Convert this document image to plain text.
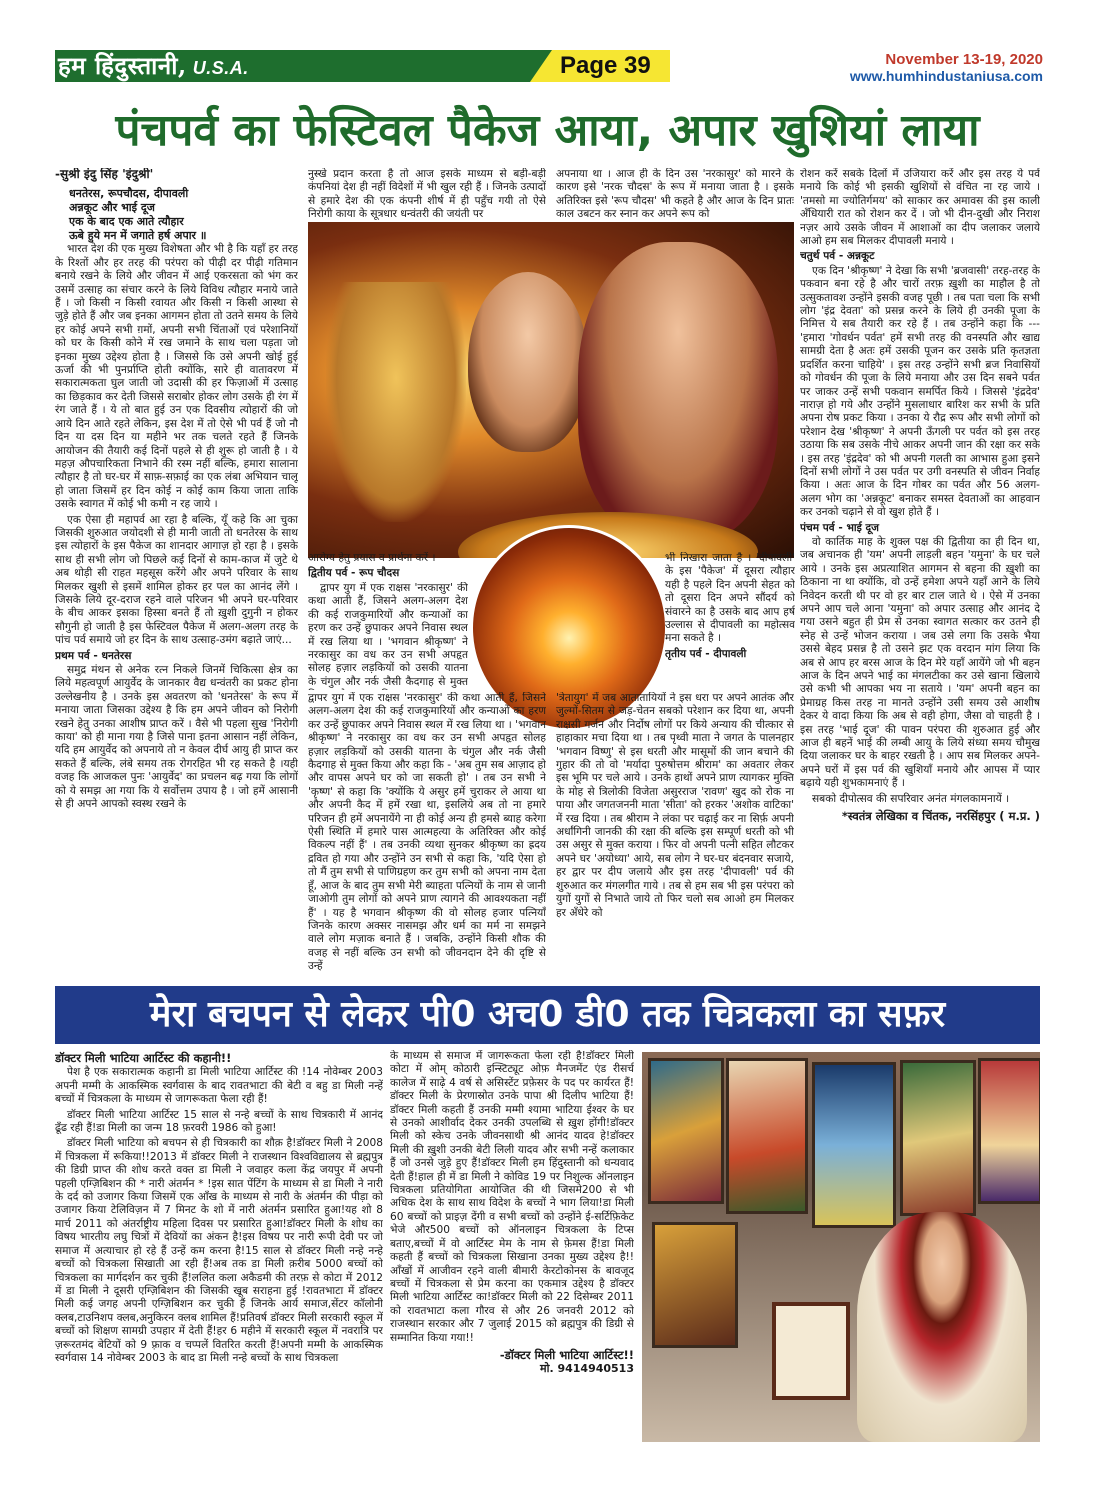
हम हिंदुस्तानी, U.S.A.	Page 39	November 13-19, 2020
www.humhindustaniusa.com
पंचपर्व का फेस्टिवल पैकेज आया, अपार खुशियां लाया
-सुश्री इंदु सिंह 'इंदुश्री'
धनतेरस, रूपचौदस, दीपावली
अन्नकूट और भाई दूज
एक के बाद एक आते त्यौहार
ऊबे हुये मन में जगाते हर्ष अपार ॥

भारत देश की एक मुख्य विशेषता और भी है कि यहाँ हर तरह के रिश्तों और हर तरह की परंपरा को पीढ़ी दर पीढ़ी गतिमान बनाये रखने के लिये और जीवन में आई एकरसता को भंग कर उसमें उत्साह का संचार करने के लिये विविध त्यौहार मनाये जाते हैं । जो किसी न किसी रवायत और किसी न किसी आस्था से जुड़े होते हैं और जब इनका आगमन होता तो उतने समय के लिये हर कोई अपने सभी ग़मों, अपनी सभी चिंताओं एवं परेशानियों को घर के किसी कोने में रख जमाने के साथ चला पड़ता जो इनका मुख्य उद्देश्य होता है । जिससे कि उसे अपनी खोई हुई ऊर्जा की भी पुनर्प्राप्ति होती क्योंकि, सारे ही वातावरण में सकारात्मकता घुल जाती जो उदासी की हर फिज़ाओं में उत्साह का छिड़काव कर देती जिससे सराबोर होकर लोग उसके ही रंग में रंग जाते हैं । ये तो बात हुई उन एक दिवसीय त्योहारों की जो आये दिन आते रहते लेकिन, इस देश में तो ऐसे भी पर्व हैं जो नौ दिन या दस दिन या महीने भर तक चलते रहते हैं जिनके आयोजन की तैयारी कई दिनों पहले से ही शुरू हो जाती है । ये महज़ औपचारिकता निभाने की रस्म नहीं बल्कि, हमारा सालाना त्यौहार है तो घर-घर में साफ़-सफ़ाई का एक लंबा अभियान चालू हो जाता जिसमें हर दिन कोई न कोई काम किया जाता ताकि उसके स्वागत में कोई भी कमी न रह जाये ।

एक ऐसा ही महापर्व आ रहा है बल्कि, यूँ कहे कि आ चुका जिसकी शुरुआत जयोदशी से ही मानी जाती तो धनतेरस के साथ इस त्योहारों के इस पैकेज का शानदार आगाज़ हो रहा है । इसके साथ ही सभी लोग जो पिछले कई दिनों से काम-काज में जुटे थे अब थोड़ी सी राहत महसूस करेंगे और अपने परिवार के साथ मिलकर खुशी से इसमें शामिल होकर हर पल का आनंद लेंगे । जिसके लिये दूर-दराज रहने वाले परिजन भी अपने घर-परिवार के बीच आकर इसका हिस्सा बनते हैं तो ख़ुशी दुगुनी न होकर सौगुनी हो जाती है इस फेस्टिवल पैकेज में अलग-अलग तरह के पांच पर्व समाये जो हर दिन के साथ उत्साह-उमंग बढ़ाते जाएं...

प्रथम पर्व - धनतेरस

समुद्र मंथन से अनेक रत्न निकले जिनमें चिकित्सा क्षेत्र का लिये महत्वपूर्ण आयुर्वेद के जानकार वैद्य धन्वंतरी का प्रकट होना उल्लेखनीय है । उनके इस अवतरण को 'धनतेरस' के रूप में मनाया जाता जिसका उद्देश्य है कि हम अपने जीवन को निरोगी रखने हेतु उनका आशीष प्राप्त करें । वैसे भी पहला सुख 'निरोगी काया' को ही माना गया है जिसे पाना इतना आसान नहीं लेकिन, यदि हम आयुर्वेद को अपनाये तो न केवल दीर्घ आयु ही प्राप्त कर सकते हैं बल्कि, लंबे समय तक रोगरहित भी रह सकते है ।यही वजह कि आजकल पुनः 'आयुर्वेद' का प्रचलन बढ़ गया कि लोगों को ये समझ आ गया कि ये सर्वोत्तम उपाय है । जो हमें आसानी से ही अपने आपको स्वस्थ रखने के

आरोग्य हेतु प्रयास व प्रार्थना करें ।

द्वितीय पर्व - रूप चौदस

द्वापर युग में एक राक्षस 'नरकासुर' की कथा आती हैं, जिसने अलग-अलग देश की कई राजकुमारियों और कन्याओं का हरण कर उन्हें छुपाकर अपने निवास स्थल में रख लिया था । 'भगवान श्रीकृष्ण' ने नरकासुर का वध कर उन सभी अपहृत सोलह हज़ार लड़कियों को उसकी यातना के चंगुल और नर्क जैसी कैदगाह से मुक्त

भी निखारा जाता है । 'दीपावली' के इस 'पैकेज' में दूसरा त्यौहार यही है पहले दिन अपनी सेहत को तो दूसरा दिन अपने सौंदर्य को संवारने का है उसके बाद आप हर्ष उल्लास से दीपावली का महोत्सव मना सकते है ।

तृतीय पर्व - दीपावली

रोशन करें सबके दिलों में उजियारा करें और इस तरह ये पर्व मनाये कि कोई भी इसकी खुशियों से वंचित ना रह जाये । 'तमसो मा ज्योतिर्गमय' को साकार कर अमावस की इस काली अँधियारी रात को रोशन कर दें । जो भी दीन-दुखी और निराश नज़र आये उसके जीवन में आशाओं का दीप जलाकर जलाये आओ हम सब मिलकर दीपावली मनाये ।

चतुर्थ पर्व - अन्नकूट

एक दिन 'श्रीकृष्ण' ने देखा कि सभी 'ब्रजवासी' तरह-तरह के पकवान बना रहे है और चारों तरफ़ ख़ुशी का माहौल है तो उत्सुकतावश उन्होंने इसकी वजह पूछी । तब पता चला कि सभी लोग 'इंद्र देवता' को प्रसन्न करने के लिये ही उनकी पूजा के निमित्त ये सब तैयारी कर रहे हैं । तब उन्होंने कहा कि --- 'हमारा 'गोवर्धन पर्वत' हमें सभी तरह की वनस्पति और खाद्य सामग्री देता है अतः हमें उसकी पूजन कर उसके प्रति कृतज्ञता प्रदर्शित करना चाहिये' । इस तरह उन्होंने सभी ब्रज निवासियों को गोवर्धन की पूजा के लिये मनाया और उस दिन सबने पर्वत पर जाकर उन्हें सभी पकवान समर्पित किये । जिससे 'इंद्रदेव' नाराज़ हो गये और उन्होंने मुसलाधार बारिश कर सभी के प्रति अपना रोष प्रकट किया । उनका ये रौद्र रूप और सभी लोगों को परेशान देख 'श्रीकृष्ण' ने अपनी ऊँगली पर पर्वत को इस तरह उठाया कि सब उसके नीचे आकर अपनी जान की रक्षा कर सके । इस तरह 'इंद्रदेव' को भी अपनी गलती का आभास हुआ इसने दिनों सभी लोगों ने उस पर्वत पर उगी वनस्पति से जीवन निर्वाह किया । अतः आज के दिन गोबर का पर्वत और 56 अलग-अलग भोग का 'अन्नकूट' बनाकर समस्त देवताओं का आहवान कर उनको चढ़ाने से वो खुश होते हैं ।

पंचम पर्व - भाई दूज

वो कार्तिक माह के शुक्ल पक्ष की द्वितीया का ही दिन था, जब अचानक ही 'यम' अपनी लाड़ली बहन 'यमुना' के घर चले आये । उनके इस अप्रत्याशित आगमन से बहना की ख़ुशी का ठिकाना ना था क्योंकि, वो उन्हें हमेशा अपने यहाँ आने के लिये निवेदन करती थी पर वो हर बार टाल जाते थे । ऐसे में उनका अपने आप चले आना 'यमुना' को अपार उत्साह और आनंद दे गया उसने बहुत ही प्रेम से उनका स्वागत सत्कार कर उतने ही स्नेह से उन्हें भोजन कराया । जब उसे लगा कि उसके भैया उससे बेहद प्रसन्न है तो उसने झट एक वरदान मांग लिया कि अब से आप हर बरस आज के दिन मेरे यहाँ आयेंगे जो भी बहन आज के दिन अपने भाई का मंगलटीका कर उसे खाना खिलाये उसे कभी भी आपका भय ना सताये । 'यम' अपनी बहन का प्रेमाग्रह किस तरह ना मानते उन्होंने उसी समय उसे आशीष देकर ये वादा किया कि अब से वही होगा, जैसा वो चाहती है । इस तरह 'भाई दूज' की पावन परंपरा की शुरुआत हुई और आज ही बहनें भाई की लम्बी आयु के लिये संध्या समय चौमुख दिया जलाकर घर के बाहर रखती है । आप सब मिलकर अपने-अपने घरों में इस पर्व की खुशियाँ मनाये और आपस में प्यार बढ़ाये यही शुभकामनाएं हैं ।

सबको दीपोत्सव की सपरिवार अनंत मंगलकामनायें ।

*स्वतंत्र लेखिका व चिंतक, नरसिंहपुर ( म.प्र. )

द्वापर युग में एक राक्षस 'नरकासुर' की कथा आती हैं, जिसने अलग-अलग देश की कई राजकुमारियों और कन्याओं का हरण कर उन्हें छुपाकर अपने निवास स्थल में रख लिया था । 'भगवान श्रीकृष्ण' ने नरकासुर का वध कर उन सभी अपहृत सोलह हज़ार लड़कियों को उसकी यातना के चंगुल और नर्क जैसी कैदगाह से मुक्त किया और कहा कि - 'अब तुम सब आज़ाद हो और वापस अपने घर को जा सकती हो' । तब उन सभी ने 'कृष्ण' से कहा कि 'क्योंकि ये असुर हमें चुराकर ले आया था और अपनी कैद में हमें रखा था, इसलिये अब तो ना हमारे परिजन ही हमें अपनायेंगे ना ही कोई अन्य ही हमसे ब्याह करेगा ऐसी स्थिति में हमारे पास आत्महत्या के अतिरिक्त और कोई विकल्प नहीं हैं' । तब उनकी व्यथा सुनकर श्रीकृष्ण का ह्रदय द्रवित हो गया और उन्होंने उन सभी से कहा कि, 'यदि ऐसा हो तो मैं तुम सभी से पाणिग्रहण कर तुम सभी को अपना नाम देता हूँ, आज के बाद तुम सभी मेरी ब्याहता पत्नियों के नाम से जानी जाओगी तुम लोगों को अपने प्राण त्यागने की आवश्यकता नहीं हैं' । यह है भगवान श्रीकृष्ण की वो सोलह हजार पत्नियाँ जिनके कारण अक्सर नासमझ और धर्म का मर्म ना समझने वाले लोग मज़ाक बनाते हैं । जबकि, उन्होंने किसी शौक की वजह से नहीं बल्कि उन सभी को जीवनदान देने की दृष्टि से उन्हें

'त्रेतायुग' में जब आतातायियों ने इस धरा पर अपने आतंक और जुल्मों-सितम से जड़-चेतन सबको परेशान कर दिया था, अपनी राक्षसी गर्जन और निर्दोष लोगों पर किये अन्याय की चीत्कार से हाहाकार मचा दिया था । तब पृथ्वी माता ने जगत के पालनहार 'भगवान विष्णु' से इस धरती और मासूमों की जान बचाने की गुहार की तो वो 'मर्यादा पुरुषोत्तम श्रीराम' का अवतार लेकर इस भूमि पर चले आये । उनके हाथों अपने प्राण त्यागकर मुक्ति के मोह से त्रिलोकी विजेता असुरराज 'रावण' खुद को रोक ना पाया और जगतजननी माता 'सीता' को हरकर 'अशोक वाटिका' में रख दिया । तब श्रीराम ने लंका पर चढ़ाई कर ना सिर्फ़ अपनी अर्धांगिनी जानकी की रक्षा की बल्कि इस सम्पूर्ण धरती को भी उस असुर से मुक्त कराया । फिर वो अपनी पत्नी सहित लौटकर अपने घर 'अयोध्या' आये, सब लोग ने घर-घर बंदनवार सजाये, हर द्वार पर दीप जलाये और इस तरह 'दीपावली' पर्व की शुरुआत कर मंगलगीत गाये । तब से हम सब भी इस परंपरा को युगों युगों से निभाते जाये तो फिर चलो सब आओ हम मिलकर हर अँधेरे को

मेरा बचपन से लेकर पी0 अच0 डी0 तक चित्रकला का सफ़र
डॉक्टर मिली भाटिया आर्टिस्ट की कहानी!!

पेश है एक सकारात्मक कहानी डा मिली भाटिया आर्टिस्ट की !14 नोवेम्बर 2003 अपनी मम्मी के आकस्मिक स्वर्गवास के बाद रावतभाटा की बेटी व बहु डा मिली नन्हें बच्चों में चित्रकला के माध्यम से जागरूकता फेला रही हैं!

डॉक्टर मिली भाटिया आर्टिस्ट 15 साल से नन्हे बच्चों के साथ चित्रकारी में आनंद ढूँढ रही हैं!डा मिली का जन्म 18 फ़रवरी 1986 को हुआ!

डॉक्टर मिली भाटिया को बचपन से ही चित्रकारी का शौक़ है!डॉक्टर मिली ने 2008 में चित्रकला में रूकिया!!2013 में डॉक्टर मिली ने राजस्थान विश्वविद्यालय से ब्रह्मपुत्र की डिग्री प्राप्त की शोध करते वक्त डा मिली ने जवाहर कला केंद्र जयपुर में अपनी पहली एग्ज़िबिशन की * नारी अंतर्मन * !इस सात पेंटिंग के माध्यम से डा मिली ने नारी के दर्द को उजागर किया जिसमें एक आँख के माध्यम से नारी के अंतर्मन की पीड़ा को उजागर किया टेलिविज़न में 7 मिनट के शो में नारी अंतर्मन प्रसारित हुआ!यह शो 8 मार्च 2011 को अंतर्राष्ट्रीय महिला दिवस पर प्रसारित हुआ!डॉक्टर मिली के शोध का विषय भारतीय लघु चित्रों में देवियों का अंकन है!इस विषय पर नारी रूपी देवी पर जो समाज में अत्याचार हो रहे हैं उन्हें कम करना है!15 साल से डॉक्टर मिली नन्हे नन्हे बच्चों को चित्रकला सिखाती आ रही हैं!अब तक डा मिली क़रीब 5000 बच्चों को चित्रकला का मार्गदर्शन कर चुकी हैं!ललित कला अकैडमी की तरफ़ से कोटा में 2012 में डा मिली ने दूसरी एग्ज़िबिशन की जिसकी खूब सराहना हुई !रावतभाटा में डॉक्टर मिली कई जगह अपनी एग्ज़िबिशन कर चुकी हैं जिनके आर्य समाज,सेंटर कॉलोनी क्लब,टाउनिशप क्लब,अनुकिरन क्लब शामिल हैं!प्रतिवर्ष डॉक्टर मिली सरकारी स्कूल में बच्चों को शिक्षण सामग्री उपहार में देती हैं!हर 6 महीने में सरकारी स्कूल में नवरात्रि पर ज़रूरतमंद बेटियों को 9 फ़्राक व चप्पलें वितरित करती हैं!अपनी मम्मी के आकस्मिक स्वर्गवास 14 नोवेम्बर 2003 के बाद डा मिली नन्हे बच्चों के साथ चित्रकला

के माध्यम से समाज में जागरूकता फेला रही है!डॉक्टर मिली कोटा में ओम् कोठारी इन्स्टिट्यूट ओफ़ मैनजमेंट एंड रीसर्च कालेज में साढ़े 4 वर्ष से असिस्टेंट प्रफ़ेसर के पद पर कार्यरत हैं!डॉक्टर मिली के प्रेरणास्रोत उनके पापा श्री दिलीप भाटिया हैं!डॉक्टर मिली कहती हैं उनकी मम्मी श्यामा भाटिया ईश्वर के घर से उनको आशीर्वाद देकर उनकी उपलब्धि से ख़ुश होंगी!डॉक्टर मिली को स्केच उनके जीवनसाथी श्री आनंद यादव हे!डॉक्टर मिली की ख़ुशी उनकी बेटी लिली यादव और सभी नन्हें कलाकार हैं जो उनसे जुड़े हुए हैं!डॉक्टर मिली हम हिंदुस्तानी को धन्यवाद देती हैं!हाल ही में डा मिली ने कोविड 19 पर निशुल्क ऑनलाइन चित्रकला प्रतियोगिता आयोजित की थी जिसमे200 से भी अधिक देश के साथ साथ विदेश के बच्चों ने भाग लिया!डा मिली 60 बच्चों को प्राइज़ देंगी व सभी बच्चों को उन्होंने ई-सर्टिफ़िकेट भेजे और500 बच्चों को ऑनलाइन चित्रकला के टिप्स बताए,बच्चों में वो आर्टिस्ट मेम के नाम से फ़ेमस हैं!डा मिली कहती हैं बच्चों को चित्रकला सिखाना उनका मुख्य उद्देश्य है!!आँखों में आजीवन रहने वाली बीमारी केरटोकोनस के बावजूद बच्चों में चित्रकला से प्रेम करना का एकमात्र उद्देश्य है डॉक्टर मिली भाटिया आर्टिस्ट का!डॉक्टर मिली को 22 दिसेम्बर 2011 को रावतभाटा कला गौरव से और 26 जनवरी 2012 को राजस्थान सरकार और 7 जुलाई 2015 को ब्रह्मपुत्र की डिग्री से सम्मानित किया गया!!

-डॉक्टर मिली भाटिया आर्टिस्ट!!
मो. 9414940513
नुस्खे प्रदान करता है तो आज इसके माध्यम से बड़ी-बड़ी कंपनियां देश ही नहीं विदेशों में भी खुल रही हैं । जिनके उत्पादों से हमारे देश की एक कंपनी शीर्ष में ही पहुँच गयी तो ऐसे निरोगी काया के सूत्रधार धन्वंतरी की जयंती पर
अपनाया था । आज ही के दिन उस 'नरकासुर' को मारने के कारण इसे 'नरक चौदस' के रूप में मनाया जाता है । इसके अतिरिक्त इसे 'रूप चौदस' भी कहते है और आज के दिन प्रातः काल उबटन कर स्नान कर अपने रूप को
